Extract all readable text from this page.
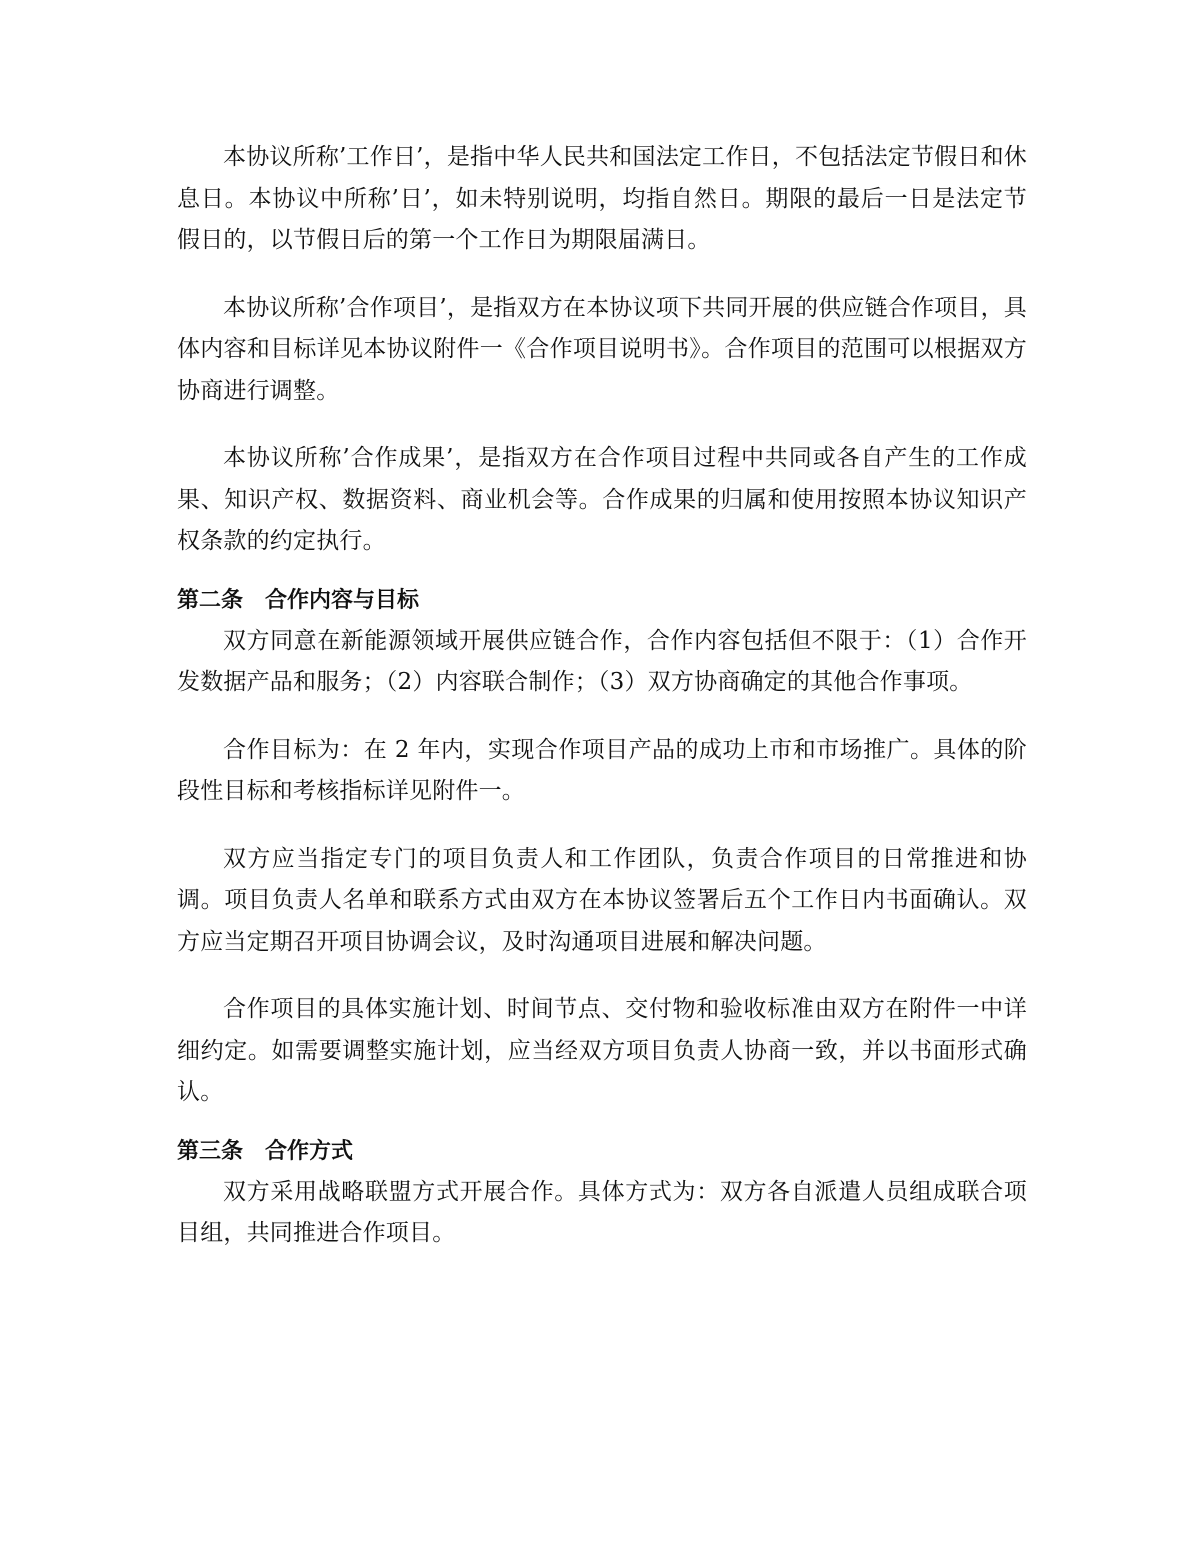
本协议所称’工作日’，是指中华人民共和国法定工作日，不包括法定节假日和休息日。本协议中所称’日’，如未特别说明，均指自然日。期限的最后一日是法定节假日的，以节假日后的第一个工作日为期限届满日。

本协议所称’合作项目’，是指双方在本协议项下共同开展的供应链合作项目，具体内容和目标详见本协议附件一《合作项目说明书》。合作项目的范围可以根据双方协商进行调整。

本协议所称’合作成果’，是指双方在合作项目过程中共同或各自产生的工作成果、知识产权、数据资料、商业机会等。合作成果的归属和使用按照本协议知识产权条款的约定执行。

第二条　合作内容与目标

双方同意在新能源领域开展供应链合作，合作内容包括但不限于：（1）合作开发数据产品和服务；（2）内容联合制作；（3）双方协商确定的其他合作事项。

合作目标为：在 2 年内，实现合作项目产品的成功上市和市场推广。具体的阶段性目标和考核指标详见附件一。

双方应当指定专门的项目负责人和工作团队，负责合作项目的日常推进和协调。项目负责人名单和联系方式由双方在本协议签署后五个工作日内书面确认。双方应当定期召开项目协调会议，及时沟通项目进展和解决问题。

合作项目的具体实施计划、时间节点、交付物和验收标准由双方在附件一中详细约定。如需要调整实施计划，应当经双方项目负责人协商一致，并以书面形式确认。

第三条　合作方式

双方采用战略联盟方式开展合作。具体方式为：双方各自派遣人员组成联合项目组，共同推进合作项目。
